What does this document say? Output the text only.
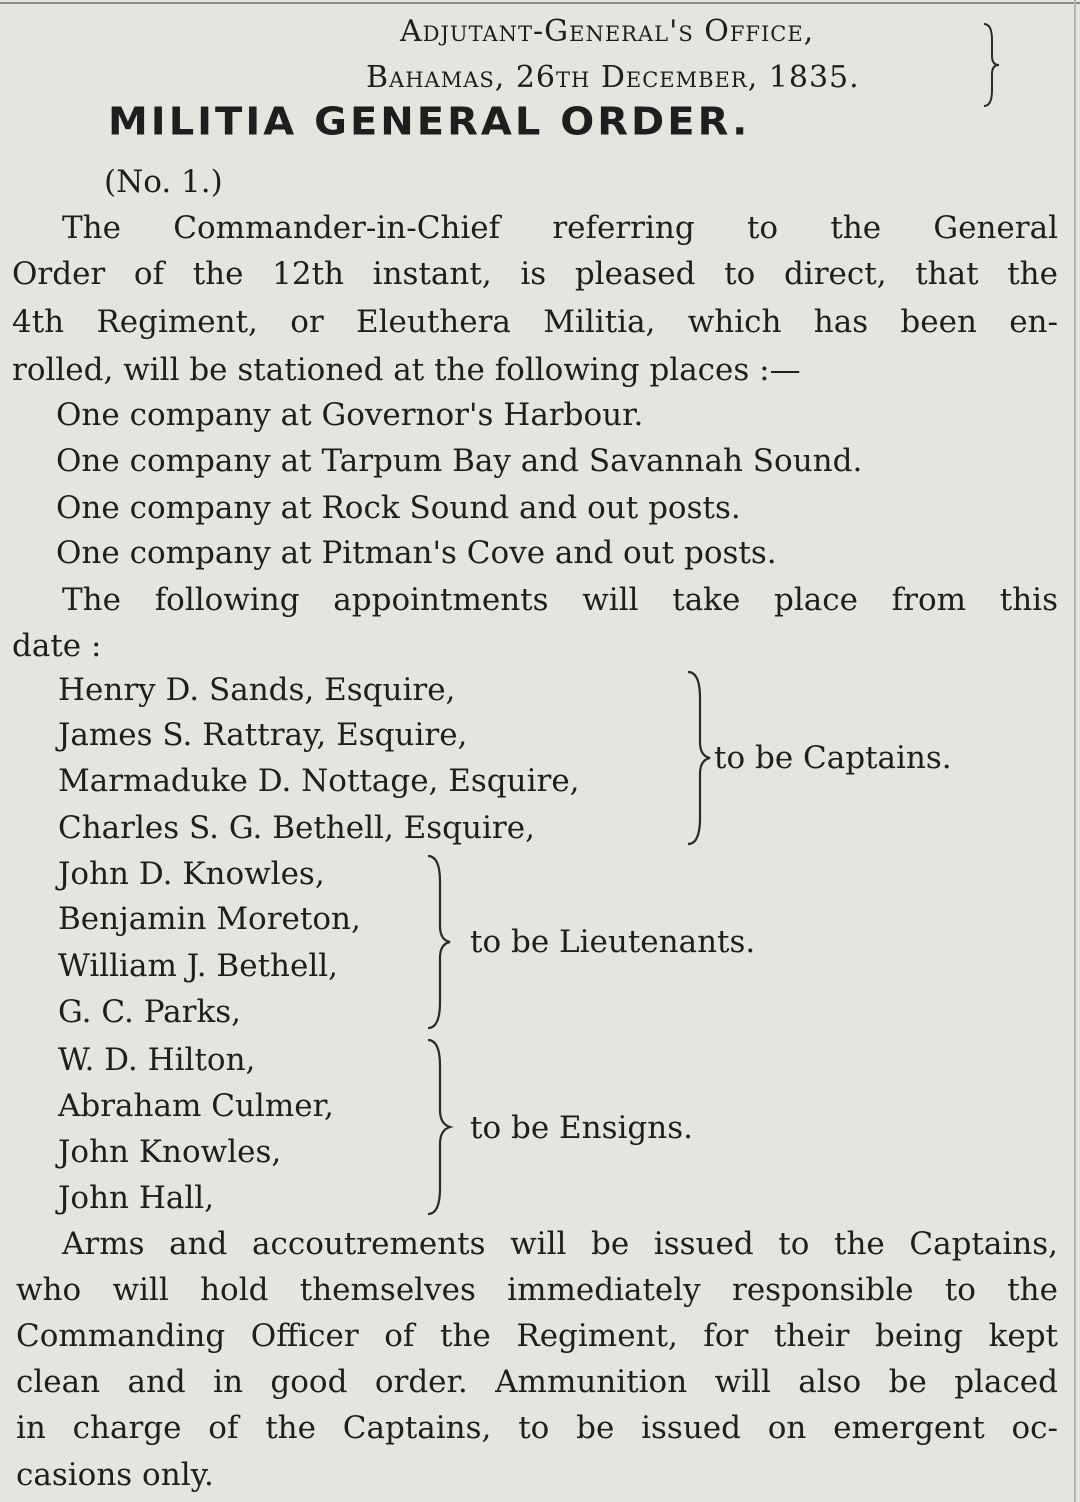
Adjutant-General's Office,
Bahamas, 26th December, 1835.
MILITIA GENERAL ORDER.
(No. 1.)
The Commander-in-Chief referring to the General
Order of the 12th instant, is pleased to direct, that the
4th Regiment, or Eleuthera Militia, which has been en-
rolled, will be stationed at the following places :—
One company at Governor's Harbour.
One company at Tarpum Bay and Savannah Sound.
One company at Rock Sound and out posts.
One company at Pitman's Cove and out posts.
The following appointments will take place from this
date :
Henry D. Sands, Esquire,
James S. Rattray, Esquire,
Marmaduke D. Nottage, Esquire,
Charles S. G. Bethell, Esquire,
to be Captains.
John D. Knowles,
Benjamin Moreton,
William J. Bethell,
G. C. Parks,
to be Lieutenants.
W. D. Hilton,
Abraham Culmer,
John Knowles,
John Hall,
to be Ensigns.
Arms and accoutrements will be issued to the Captains,
who will hold themselves immediately responsible to the
Commanding Officer of the Regiment, for their being kept
clean and in good order. Ammunition will also be placed
in charge of the Captains, to be issued on emergent oc-
casions only.
